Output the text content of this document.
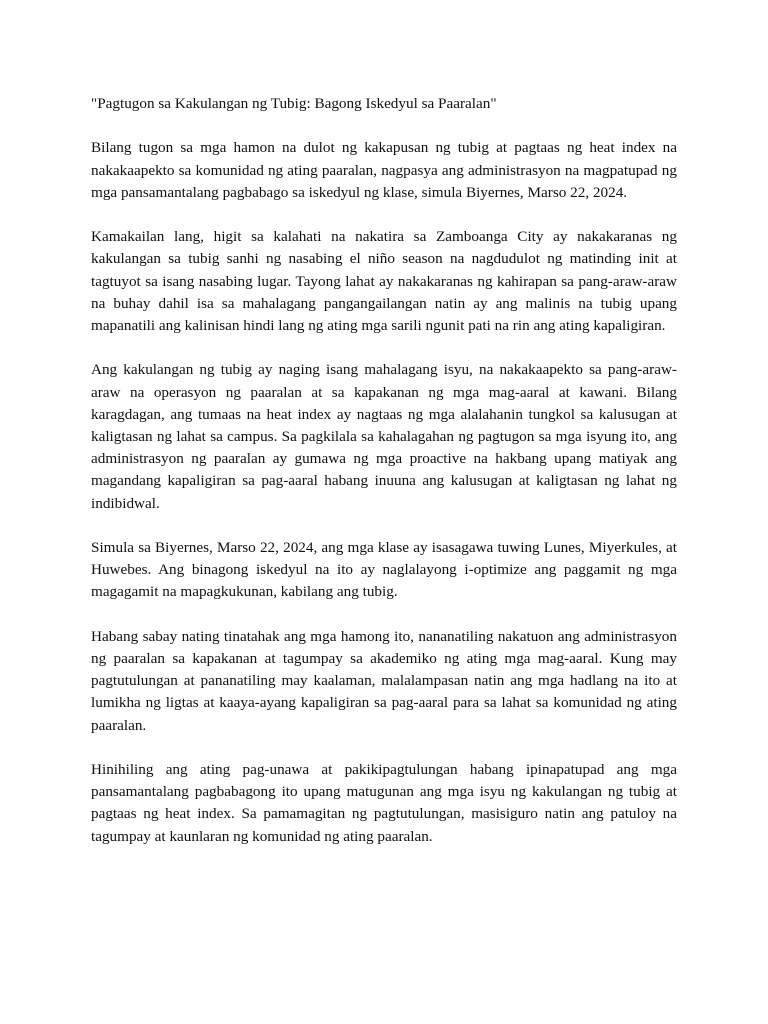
"Pagtugon sa Kakulangan ng Tubig: Bagong Iskedyul sa Paaralan"

Bilang tugon sa mga hamon na dulot ng kakapusan ng tubig at pagtaas ng heat index na nakakaapekto sa komunidad ng ating paaralan, nagpasya ang administrasyon na magpatupad ng mga pansamantalang pagbabago sa iskedyul ng klase, simula Biyernes, Marso 22, 2024.

Kamakailan lang, higit sa kalahati na nakatira sa Zamboanga City ay nakakaranas ng kakulangan sa tubig sanhi ng nasabing el niño season na nagdudulot ng matinding init at tagtuyot sa isang nasabing lugar. Tayong lahat ay nakakaranas ng kahirapan sa pang-araw-araw na buhay dahil isa sa mahalagang pangangailangan natin ay ang malinis na tubig upang mapanatili ang kalinisan hindi lang ng ating mga sarili ngunit pati na rin ang ating kapaligiran.

Ang kakulangan ng tubig ay naging isang mahalagang isyu, na nakakaapekto sa pang-araw-araw na operasyon ng paaralan at sa kapakanan ng mga mag-aaral at kawani. Bilang karagdagan, ang tumaas na heat index ay nagtaas ng mga alalahanin tungkol sa kalusugan at kaligtasan ng lahat sa campus. Sa pagkilala sa kahalagahan ng pagtugon sa mga isyung ito, ang administrasyon ng paaralan ay gumawa ng mga proactive na hakbang upang matiyak ang magandang kapaligiran sa pag-aaral habang inuuna ang kalusugan at kaligtasan ng lahat ng indibidwal.

Simula sa Biyernes, Marso 22, 2024, ang mga klase ay isasagawa tuwing Lunes, Miyerkules, at Huwebes. Ang binagong iskedyul na ito ay naglalayong i-optimize ang paggamit ng mga magagamit na mapagkukunan, kabilang ang tubig.

Habang sabay nating tinatahak ang mga hamong ito, nananatiling nakatuon ang administrasyon ng paaralan sa kapakanan at tagumpay sa akademiko ng ating mga mag-aaral. Kung may pagtutulungan at pananatiling may kaalaman, malalampasan natin ang mga hadlang na ito at lumikha ng ligtas at kaaya-ayang kapaligiran sa pag-aaral para sa lahat sa komunidad ng ating paaralan.

Hinihiling ang ating pag-unawa at pakikipagtulungan habang ipinapatupad ang mga pansamantalang pagbabagong ito upang matugunan ang mga isyu ng kakulangan ng tubig at pagtaas ng heat index. Sa pamamagitan ng pagtutulungan, masisiguro natin ang patuloy na tagumpay at kaunlaran ng komunidad ng ating paaralan.
